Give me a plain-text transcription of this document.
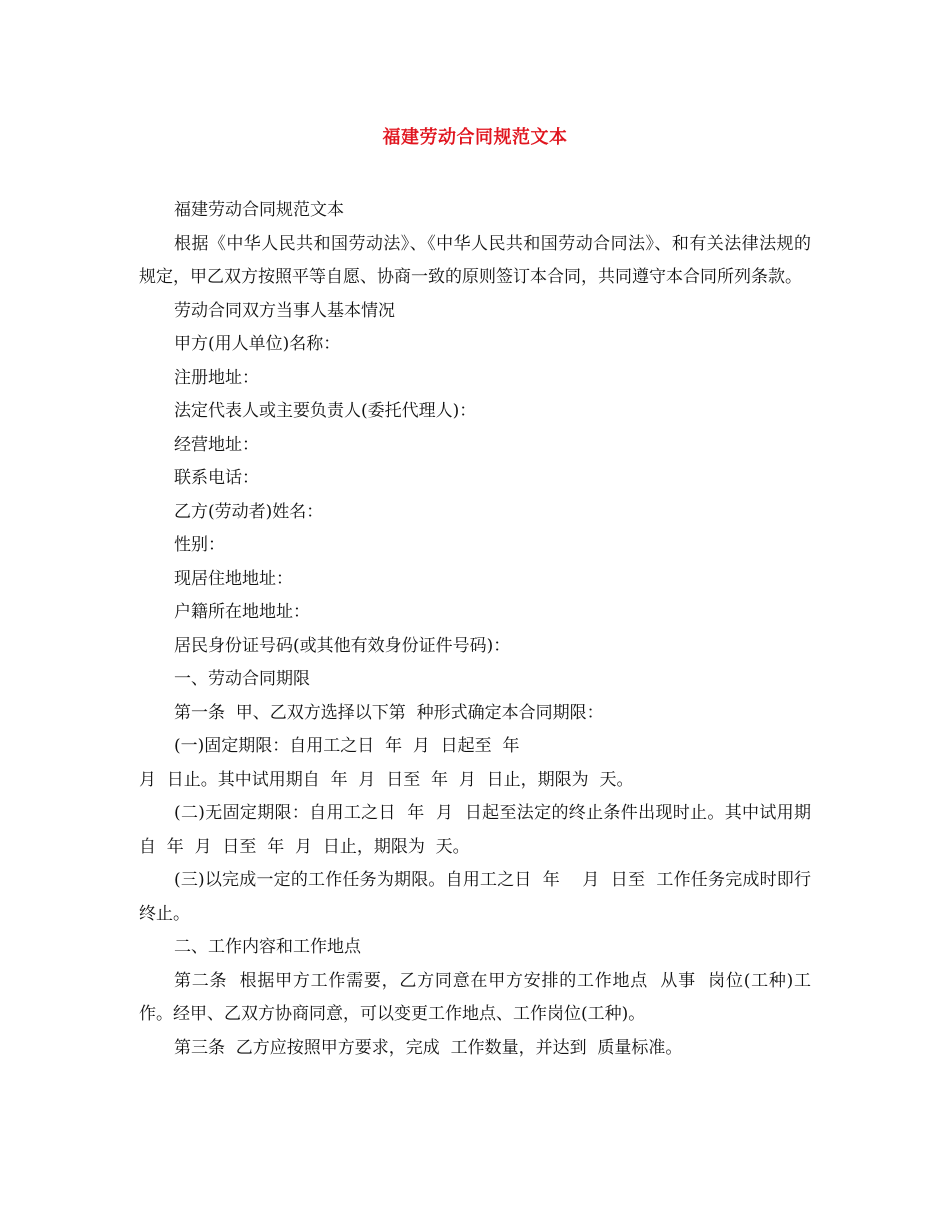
福建劳动合同规范文本

福建劳动合同规范文本

根据《中华人民共和国劳动法》、《中华人民共和国劳动合同法》、和有关法律法规的规定，甲乙双方按照平等自愿、协商一致的原则签订本合同，共同遵守本合同所列条款。

劳动合同双方当事人基本情况

甲方(用人单位)名称：

注册地址：

法定代表人或主要负责人(委托代理人)：

经营地址：

联系电话：

乙方(劳动者)姓名：

性别：

现居住地地址：

户籍所在地地址：

居民身份证号码(或其他有效身份证件号码)：

一、劳动合同期限

第一条  甲、乙双方选择以下第  种形式确定本合同期限：

(一)固定期限：自用工之日  年  月  日起至  年

月  日止。其中试用期自  年  月  日至  年  月  日止，期限为  天。

(二)无固定期限：自用工之日  年  月  日起至法定的终止条件出现时止。其中试用期自  年  月  日至  年  月  日止，期限为  天。

(三)以完成一定的工作任务为期限。自用工之日  年    月  日至  工作任务完成时即行终止。

二、工作内容和工作地点

第二条  根据甲方工作需要，乙方同意在甲方安排的工作地点  从事  岗位(工种)工作。经甲、乙双方协商同意，可以变更工作地点、工作岗位(工种)。

第三条  乙方应按照甲方要求，完成  工作数量，并达到  质量标准。
